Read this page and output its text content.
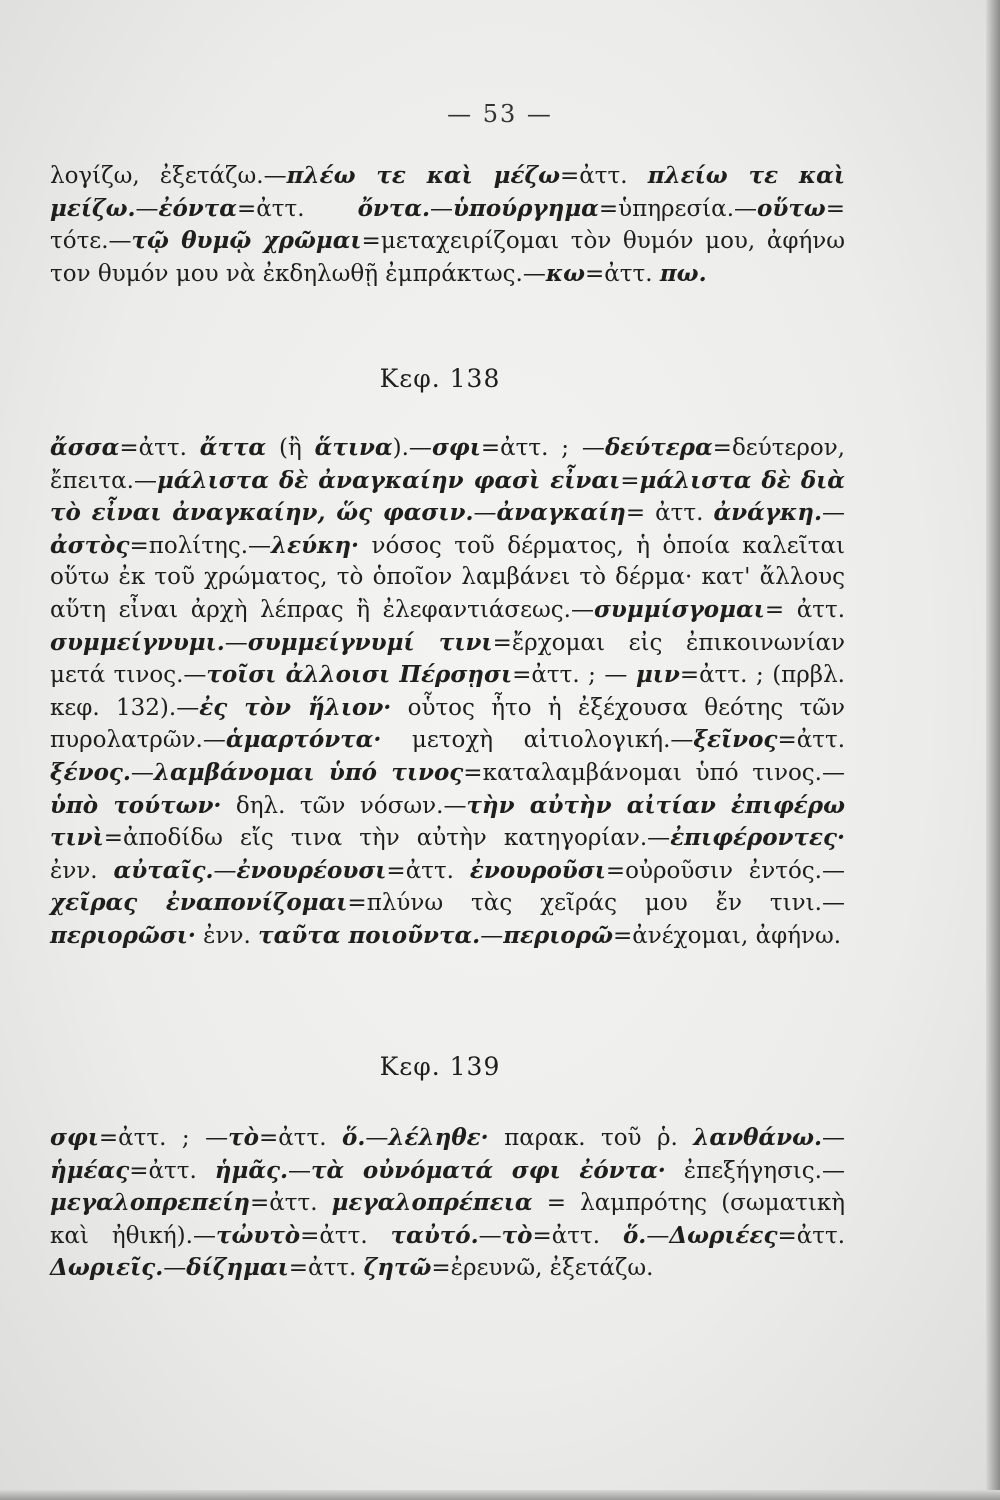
— 53 —
λογίζω, ἐξετάζω.—πλέω τε καὶ μέζω=ἀττ. πλείω τε καὶ μείζω.—ἐόντα=ἀττ. ὄντα.—ὑπούργημα=ὑπηρεσία.—οὕτω= τότε.—τῷ θυμῷ χρῶμαι=μεταχειρίζομαι τὸν θυμόν μου, ἀφήνω τον θυμόν μου νὰ ἐκδηλωθῇ ἐμπράκτως.—κω=ἀττ. πω.
Κεφ. 138
ἄσσα=ἀττ. ἄττα (ἢ ἅτινα).—σφι=ἀττ. ; —δεύτερα=δεύτερον, ἔπειτα.—μάλιστα δὲ ἀναγκαίην φασὶ εἶναι=μάλιστα δὲ διὰ τὸ εἶναι ἀναγκαίην, ὥς φασιν.—ἀναγκαίη= ἀττ. ἀνάγκη.—ἀστὸς=πολίτης.—λεύκη· νόσος τοῦ δέρματος, ἡ ὁποία καλεῖται οὕτω ἐκ τοῦ χρώματος, τὸ ὁποῖον λαμβάνει τὸ δέρμα· κατ' ἄλλους αὕτη εἶναι ἀρχὴ λέπρας ἢ ἐλεφαντιάσεως.—συμμίσγομαι= ἀττ. συμμείγνυμι.—συμμείγνυμί τινι=ἔρχομαι εἰς ἐπικοινωνίαν μετά τινος.—τοῖσι ἀλλοισι Πέρσῃσι=ἀττ. ; — μιν=ἀττ. ; (πρβλ. κεφ. 132).—ἐς τὸν ἥλιον· οὗτος ἦτο ἡ ἐξέχουσα θεότης τῶν πυρολατρῶν.—ἁμαρτόντα· μετοχὴ αἰτιολογική.—ξεῖνος=ἀττ. ξένος.—λαμβάνομαι ὑπό τινος=καταλαμβάνομαι ὑπό τινος.—ὑπὸ τούτων· δηλ. τῶν νόσων.—τὴν αὐτὴν αἰτίαν ἐπιφέρω τινὶ=ἀποδίδω εἴς τινα τὴν αὐτὴν κατηγορίαν.—ἐπιφέροντες· ἐνν. αὐταῖς.—ἐνουρέουσι=ἀττ. ἐνουροῦσι=οὐροῦσιν ἐντός.—χεῖρας ἐναπονίζομαι=πλύνω τὰς χεῖράς μου ἔν τινι.—περιορῶσι· ἐνν. ταῦτα ποιοῦντα.—περιορῶ=ἀνέχομαι, ἀφήνω.
Κεφ. 139
σφι=ἀττ. ; —τὸ=ἀττ. ὅ.—λέληθε· παρακ. τοῦ ῥ. λανθάνω.—ἡμέας=ἀττ. ἡμᾶς.—τὰ οὐνόματά σφι ἐόντα· ἐπεξήγησις.—μεγαλοπρεπείη=ἀττ. μεγαλοπρέπεια = λαμπρότης (σωματικὴ καὶ ἠθική).—τὠυτὸ=ἀττ. ταὐτό.—τὸ=ἀττ. ὅ.—Δωριέες=ἀττ. Δωριεῖς.—δίζημαι=ἀττ. ζητῶ=ἐρευνῶ, ἐξετάζω.
